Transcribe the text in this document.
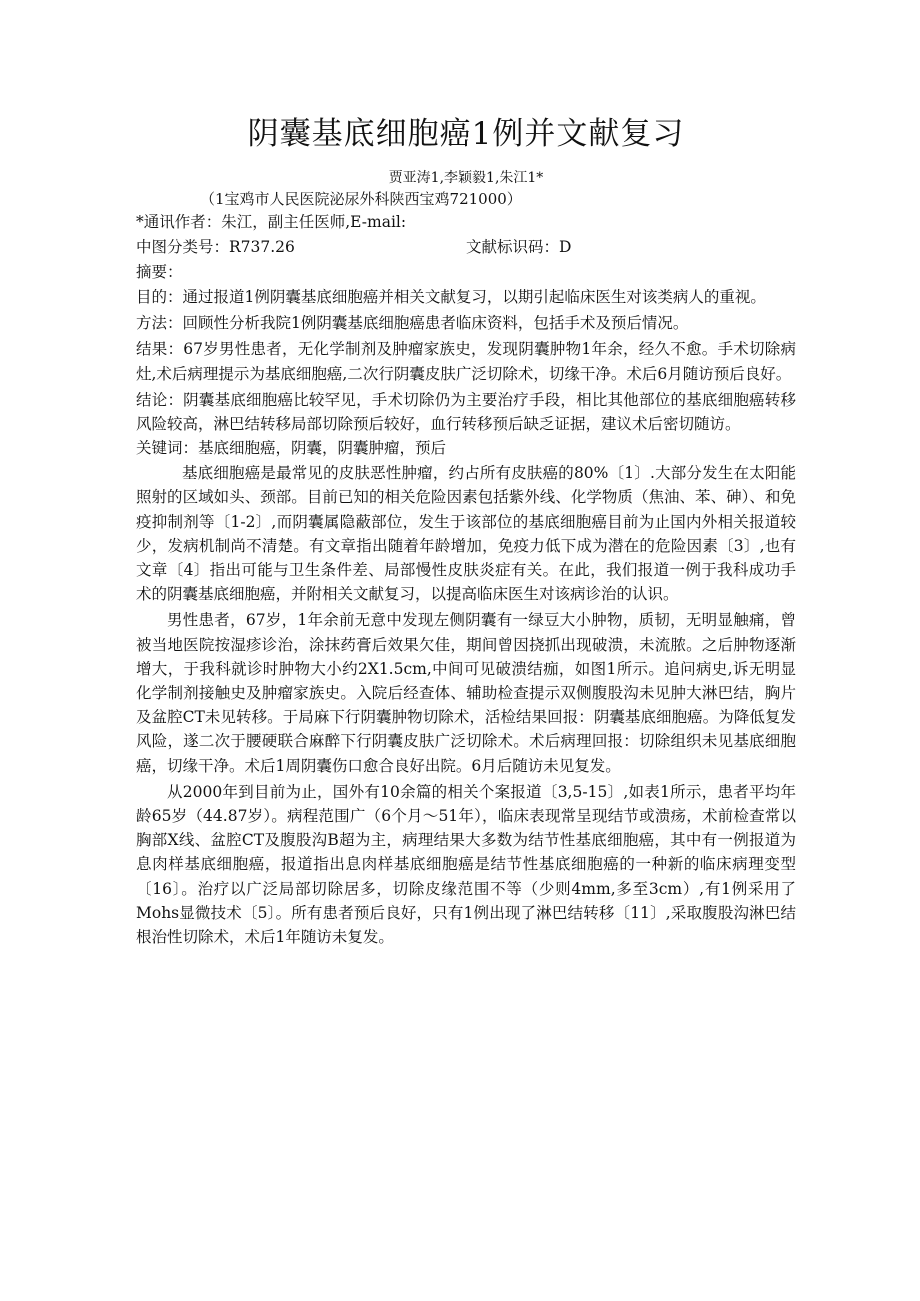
阴囊基底细胞癌1例并文献复习

贾亚涛1,李颖毅1,朱江1*

（1宝鸡市人民医院泌尿外科陕西宝鸡721000）

*通讯作者：朱江，副主任医师,E-mail:

中图分类号：R737.26	文献标识码：D

摘要：

目的：通过报道1例阴囊基底细胞癌并相关文献复习，以期引起临床医生对该类病人的重视。

方法：回顾性分析我院1例阴囊基底细胞癌患者临床资料，包括手术及预后情况。

结果：67岁男性患者，无化学制剂及肿瘤家族史，发现阴囊肿物1年余，经久不愈。手术切除病灶,术后病理提示为基底细胞癌,二次行阴囊皮肤广泛切除术，切缘干净。术后6月随访预后良好。

结论：阴囊基底细胞癌比较罕见，手术切除仍为主要治疗手段，相比其他部位的基底细胞癌转移风险较高，淋巴结转移局部切除预后较好，血行转移预后缺乏证据，建议术后密切随访。

关键词：基底细胞癌，阴囊，阴囊肿瘤，预后

基底细胞癌是最常见的皮肤恶性肿瘤，约占所有皮肤癌的80%〔1〕.大部分发生在太阳能照射的区域如头、颈部。目前已知的相关危险因素包括紫外线、化学物质（焦油、苯、砷）、和免疫抑制剂等〔1-2〕,而阴囊属隐蔽部位，发生于该部位的基底细胞癌目前为止国内外相关报道较少，发病机制尚不清楚。有文章指出随着年龄增加，免疫力低下成为潜在的危险因素〔3〕,也有文章〔4〕指出可能与卫生条件差、局部慢性皮肤炎症有关。在此，我们报道一例于我科成功手术的阴囊基底细胞癌，并附相关文献复习，以提高临床医生对该病诊治的认识。

男性患者，67岁，1年余前无意中发现左侧阴囊有一绿豆大小肿物，质韧，无明显触痛，曾被当地医院按湿疹诊治，涂抹药膏后效果欠佳，期间曾因挠抓出现破溃，未流脓。之后肿物逐渐增大，于我科就诊时肿物大小约2X1.5cm,中间可见破溃结痂，如图1所示。追问病史,诉无明显化学制剂接触史及肿瘤家族史。入院后经查体、辅助检查提示双侧腹股沟未见肿大淋巴结，胸片及盆腔CT未见转移。于局麻下行阴囊肿物切除术，活检结果回报：阴囊基底细胞癌。为降低复发风险，遂二次于腰硬联合麻醉下行阴囊皮肤广泛切除术。术后病理回报：切除组织未见基底细胞癌，切缘干净。术后1周阴囊伤口愈合良好出院。6月后随访未见复发。

从2000年到目前为止，国外有10余篇的相关个案报道〔3,5-15〕,如表1所示，患者平均年龄65岁（44.87岁）。病程范围广（6个月〜51年），临床表现常呈现结节或溃疡，术前检查常以胸部X线、盆腔CT及腹股沟B超为主，病理结果大多数为结节性基底细胞癌，其中有一例报道为息肉样基底细胞癌，报道指出息肉样基底细胞癌是结节性基底细胞癌的一种新的临床病理变型〔16〕。治疗以广泛局部切除居多，切除皮缘范围不等（少则4mm,多至3cm）,有1例采用了Mohs显微技术〔5〕。所有患者预后良好，只有1例出现了淋巴结转移〔11〕,采取腹股沟淋巴结根治性切除术，术后1年随访未复发。
